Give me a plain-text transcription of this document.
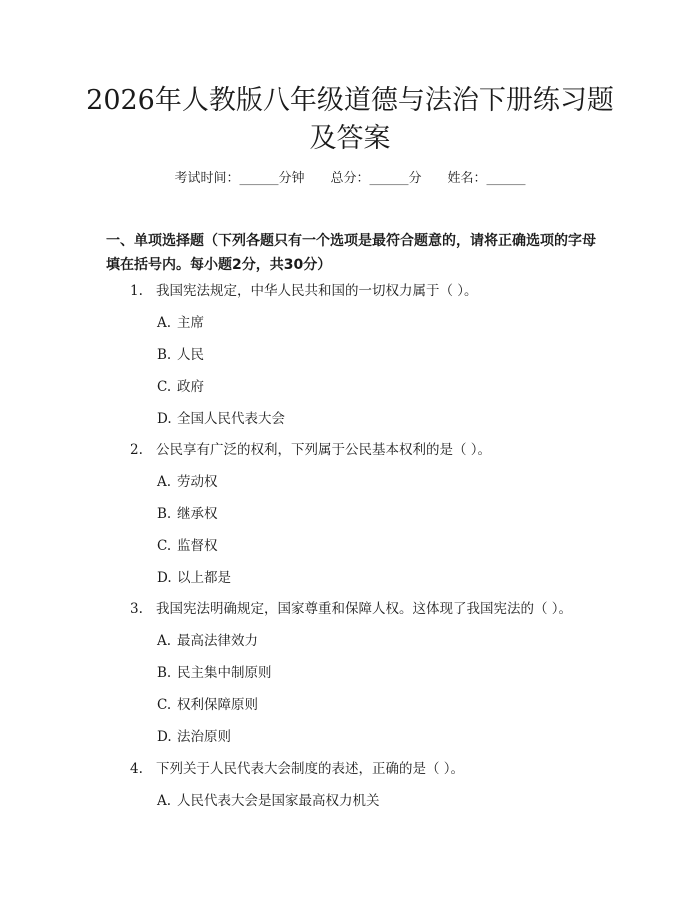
2026年人教版八年级道德与法治下册练习题
及答案
考试时间：______分钟 总分：______分 姓名：______
一、单项选择题（下列各题只有一个选项是最符合题意的，请将正确选项的字母
填在括号内。每小题2分，共30分）
1. 我国宪法规定，中华人民共和国的一切权力属于（ ）。
A. 主席
B. 人民
C. 政府
D. 全国人民代表大会
2. 公民享有广泛的权利，下列属于公民基本权利的是（ ）。
A. 劳动权
B. 继承权
C. 监督权
D. 以上都是
3. 我国宪法明确规定，国家尊重和保障人权。这体现了我国宪法的（ ）。
A. 最高法律效力
B. 民主集中制原则
C. 权利保障原则
D. 法治原则
4. 下列关于人民代表大会制度的表述，正确的是（ ）。
A. 人民代表大会是国家最高权力机关
